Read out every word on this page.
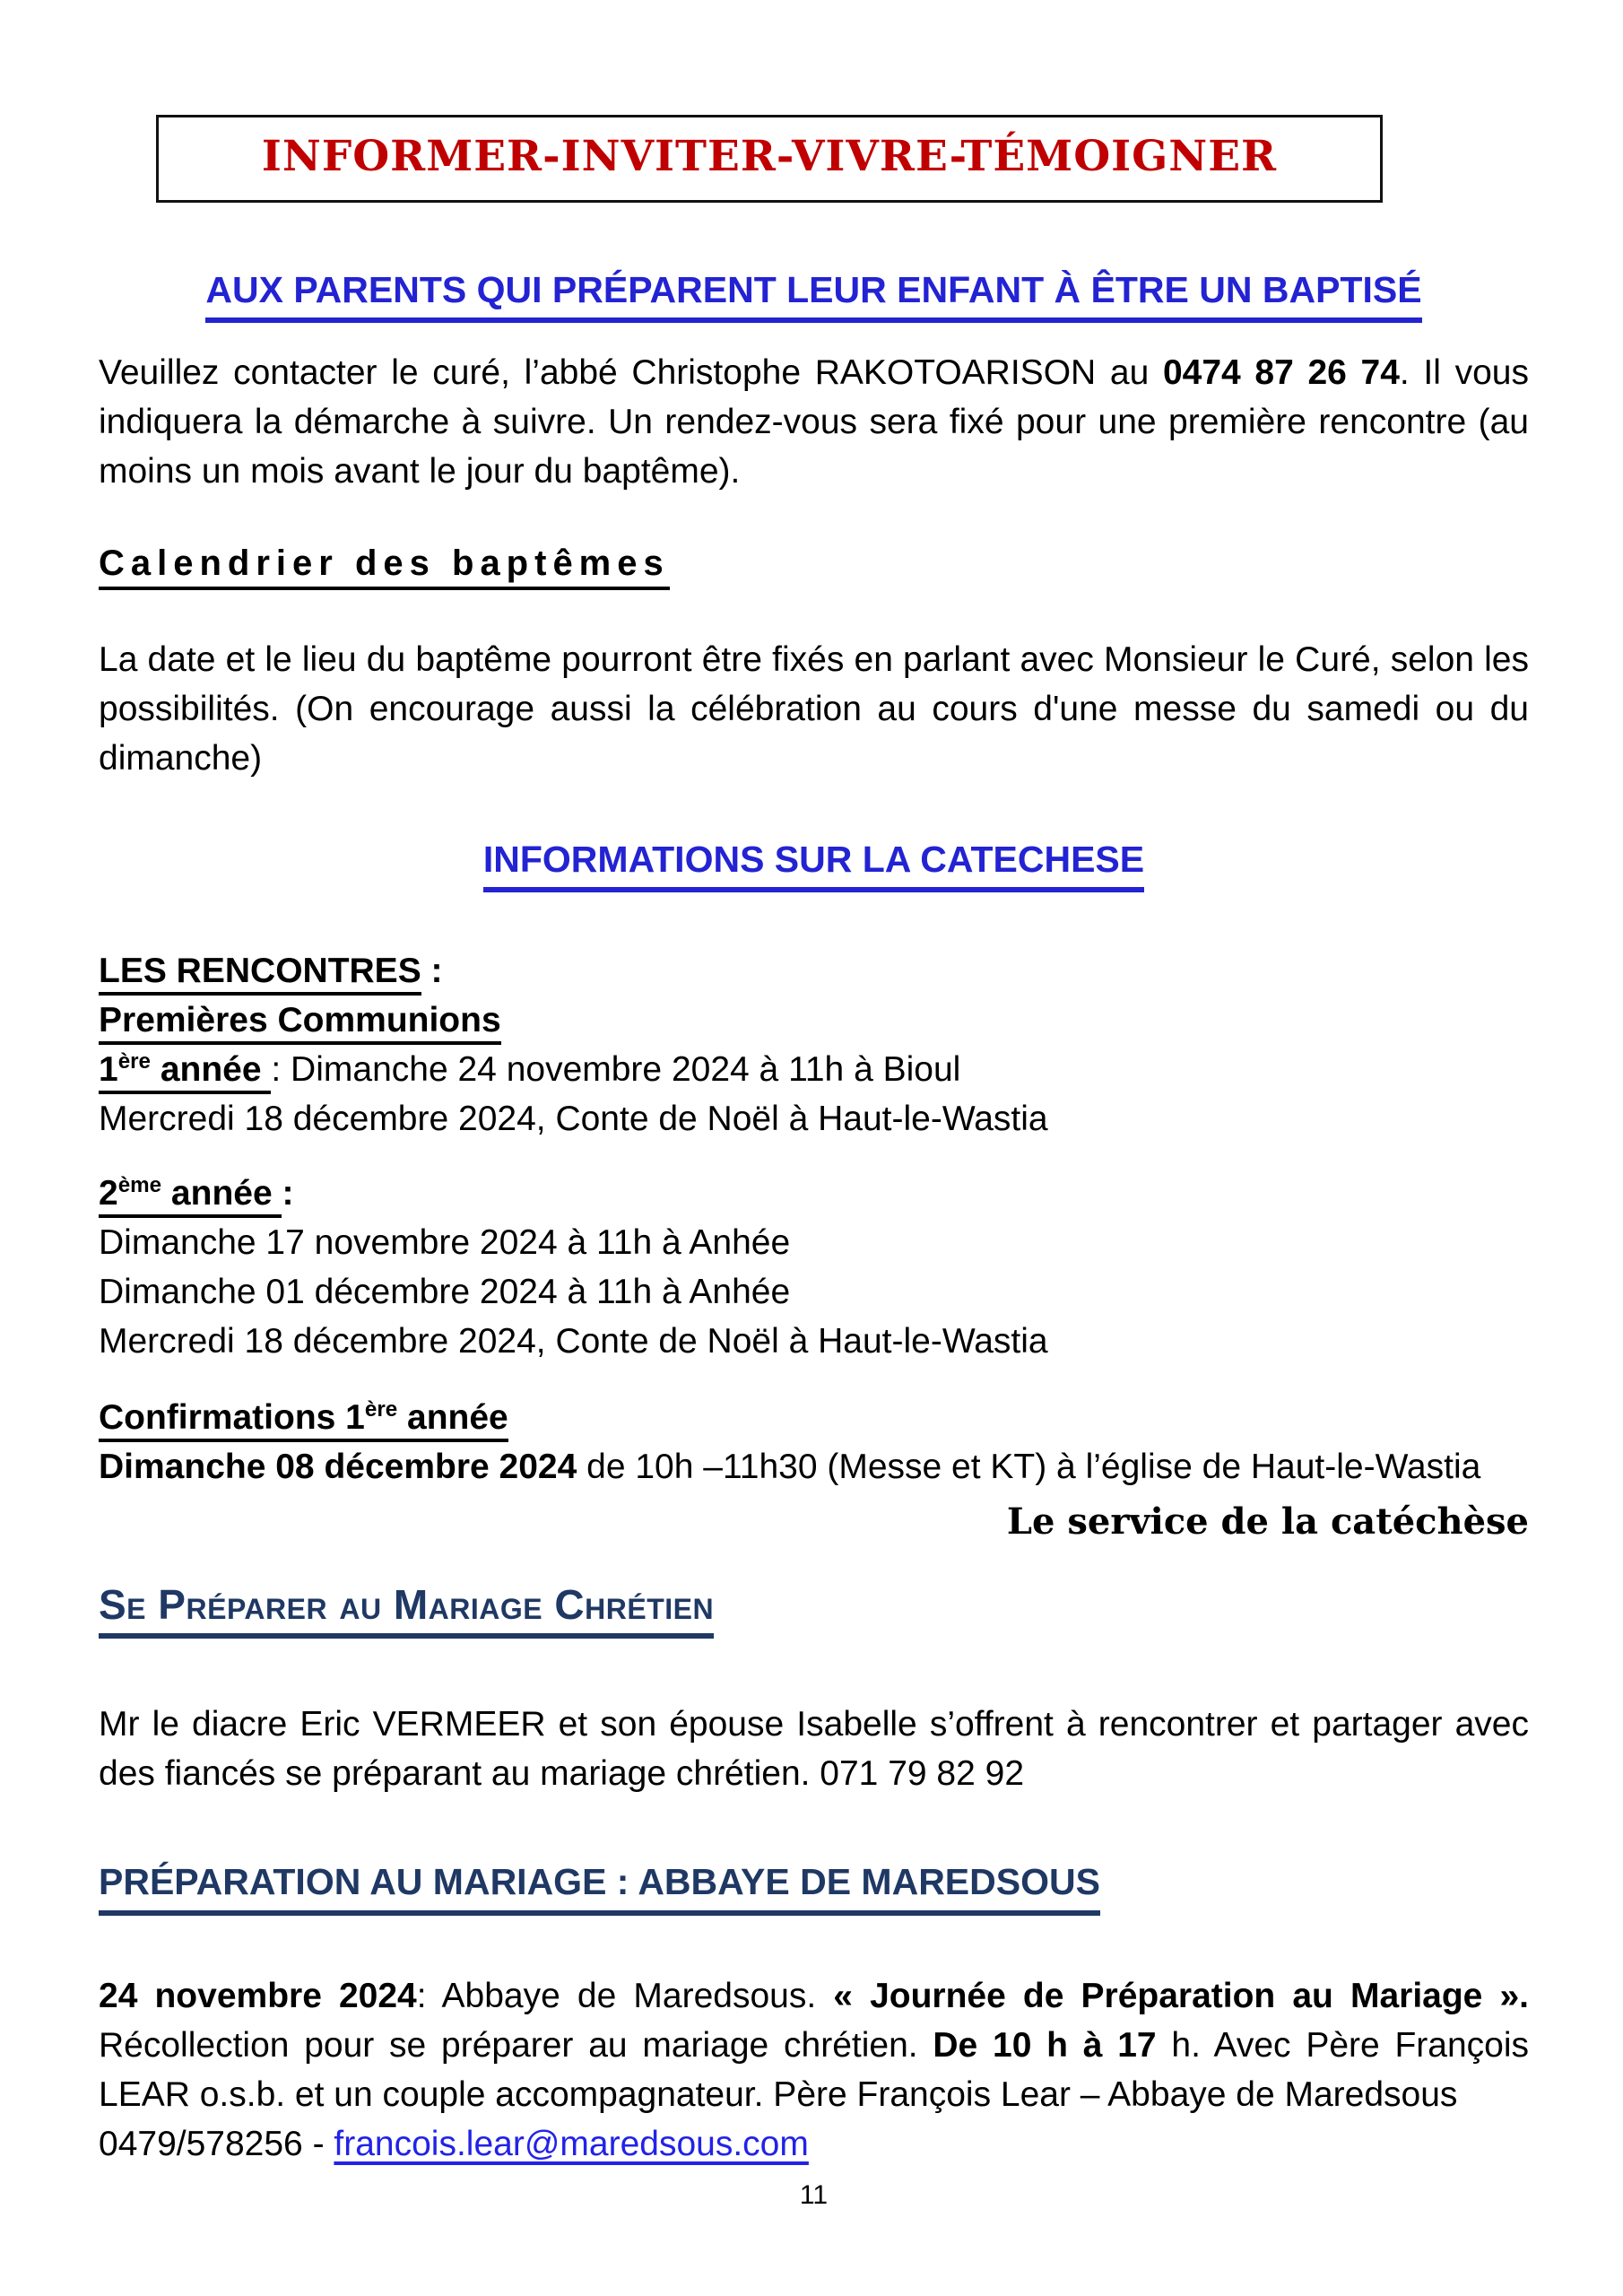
INFORMER-INVITER-VIVRE-TÉMOIGNER
AUX PARENTS QUI PRÉPARENT LEUR ENFANT À ÊTRE UN BAPTISÉ
Veuillez contacter le curé, l’abbé Christophe RAKOTOARISON au 0474 87 26 74. Il vous indiquera la démarche à suivre. Un rendez-vous sera fixé pour une première rencontre (au moins un mois avant le jour du baptême).
Calendrier des baptêmes
La date et le lieu du baptême pourront être fixés en parlant avec Monsieur le Curé, selon les possibilités. (On encourage aussi la célébration au cours d'une messe du samedi ou du dimanche)
INFORMATIONS SUR LA CATECHESE
LES RENCONTRES :
Premières Communions
1ère année : Dimanche 24 novembre 2024 à 11h à Bioul
Mercredi 18 décembre 2024, Conte de Noël à Haut-le-Wastia
2ème année :
Dimanche 17 novembre 2024 à 11h à Anhée
Dimanche 01 décembre 2024 à 11h à Anhée
Mercredi 18 décembre 2024, Conte de Noël à Haut-le-Wastia
Confirmations 1ère année
Dimanche 08 décembre 2024 de 10h –11h30 (Messe et KT) à l’église de Haut-le-Wastia
Le service de la catéchèse
Se Préparer au Mariage Chrétien
Mr le diacre Eric VERMEER et son épouse Isabelle s’offrent à rencontrer et partager avec des fiancés se préparant au mariage chrétien. 071 79 82 92
PRÉPARATION AU MARIAGE : ABBAYE DE MAREDSOUS
24 novembre 2024: Abbaye de Maredsous. « Journée de Préparation au Mariage ». Récollection pour se préparer au mariage chrétien. De 10 h à 17 h. Avec Père François LEAR o.s.b. et un couple accompagnateur. Père François Lear – Abbaye de Maredsous
0479/578256 - francois.lear@maredsous.com
11
